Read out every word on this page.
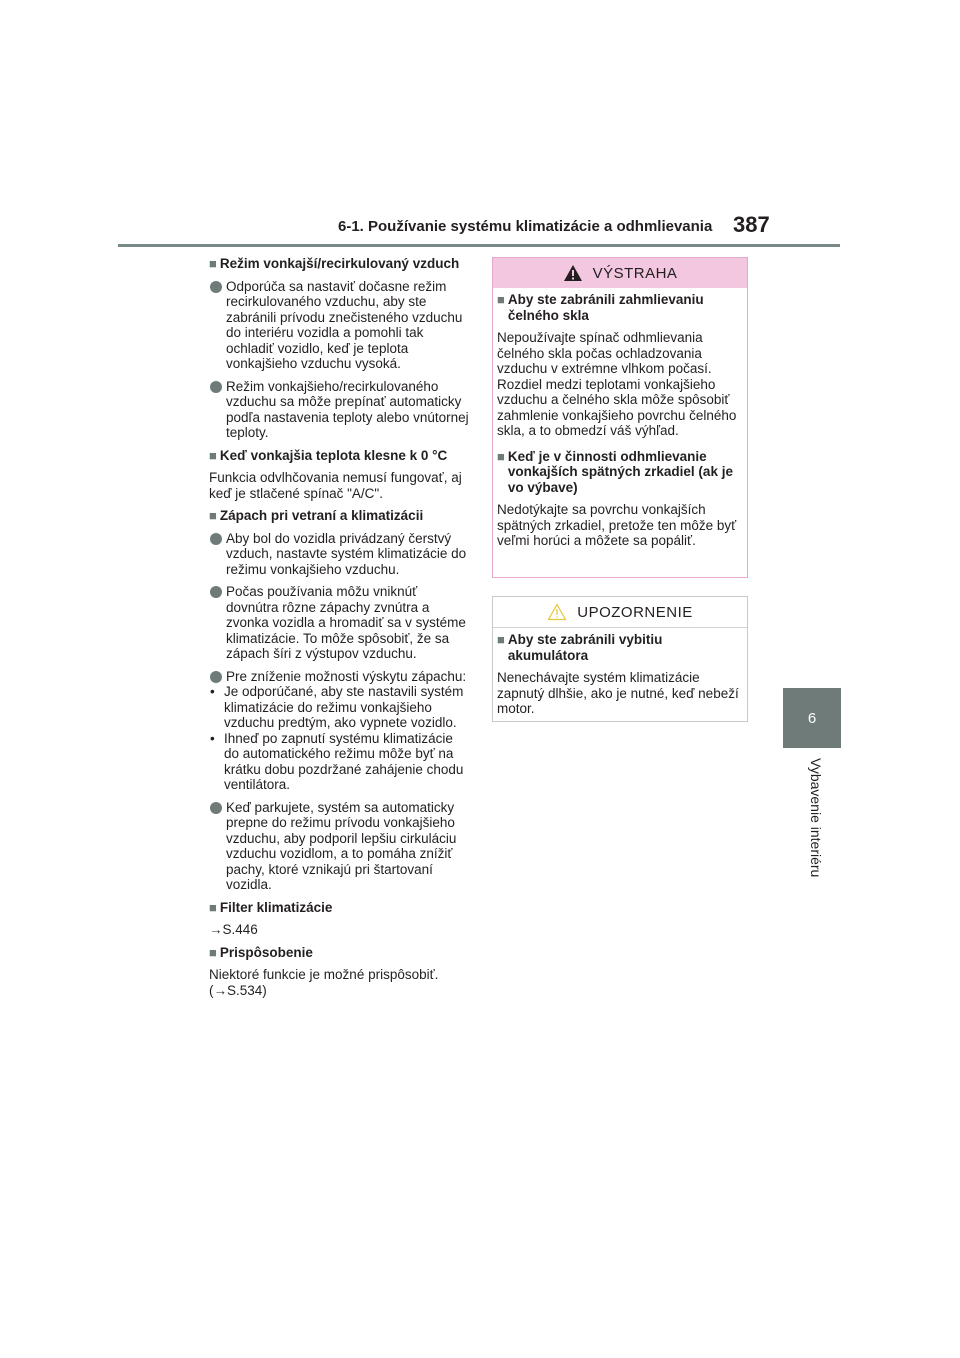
6-1. Používanie systému klimatizácie a odhmlievania 387
6
Vybavenie interiéru
■ Režim vonkajší/recirkulovaný vzduch
Odporúča sa nastaviť dočasne režim recirkulovaného vzduchu, aby ste zabránili prívodu znečisteného vzduchu do interiéru vozidla a pomohli tak ochladiť vozidlo, keď je teplota vonkajšieho vzduchu vysoká.
Režim vonkajšieho/recirkulovaného vzduchu sa môže prepínať automaticky podľa nastavenia teploty alebo vnútornej teploty.
■ Keď vonkajšia teplota klesne k 0 °C
Funkcia odvlhčovania nemusí fungovať, aj keď je stlačené spínač "A/C".
■ Zápach pri vetraní a klimatizácii
Aby bol do vozidla privádzaný čerstvý vzduch, nastavte systém klimatizácie do režimu vonkajšieho vzduchu.
Počas používania môžu vniknúť dovnútra rôzne zápachy zvnútra a zvonka vozidla a hromadiť sa v systéme klimatizácie. To môže spôsobiť, že sa zápach šíri z výstupov vzduchu.
Pre zníženie možnosti výskytu zápachu:
• Je odporúčané, aby ste nastavili systém klimatizácie do režimu vonkajšieho vzduchu predtým, ako vypnete vozidlo.
• Ihneď po zapnutí systému klimatizácie do automatického režimu môže byť na krátku dobu pozdržané zahájenie chodu ventilátora.
Keď parkujete, systém sa automaticky prepne do režimu prívodu vonkajšieho vzduchu, aby podporil lepšiu cirkuláciu vzduchu vozidlom, a to pomáha znížiť pachy, ktoré vznikajú pri štartovaní vozidla.
■ Filter klimatizácie
→S.446
■ Prispôsobenie
Niektoré funkcie je možné prispôsobiť. (→S.534)
VÝSTRAHA
■ Aby ste zabránili zahmlievaniu čelného skla
Nepoužívajte spínač odhmlievania čelného skla počas ochladzovania vzduchu v extrémne vlhkom počasí. Rozdiel medzi teplotami vonkajšieho vzduchu a čelného skla môže spôsobiť zahmlenie vonkajšieho povrchu čelného skla, a to obmedzí váš výhľad.
■ Keď je v činnosti odhmlievanie vonkajších spätných zrkadiel (ak je vo výbave)
Nedotýkajte sa povrchu vonkajších spätných zrkadiel, pretože ten môže byť veľmi horúci a môžete sa popáliť.
UPOZORNENIE
■ Aby ste zabránili vybitiu akumulátora
Nenechávajte systém klimatizácie zapnutý dlhšie, ako je nutné, keď nebeží motor.
